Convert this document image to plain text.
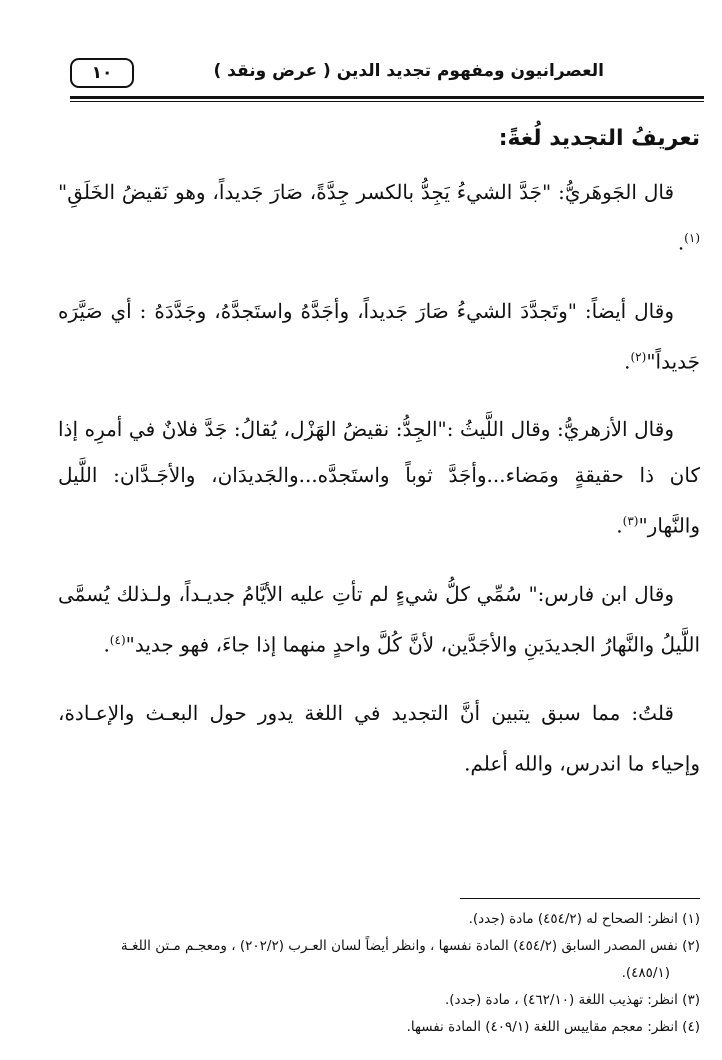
العصرانيون ومفهوم تجديد الدين ( عرض ونقد )
١٠
تعريفُ التجديد لُغةً:

قال الجَوهَريُّ: "جَدَّ الشيءُ يَجِدُّ بالكسر جِدَّةً، صَارَ جَديداً، وهو نَقيضُ الخَلَقِ"$^{(١)}$.

وقال أيضاً: "وتَجدَّدَ الشيءُ صَارَ جَديداً، وأجَدَّهُ واستَجدَّهُ، وجَدَّدَهُ : أي صَيَّرَه جَديداً"$^{(٢)}$.

وقال الأزهريُّ: وقال اللَّيثُ :"الجِدُّ: نقيضُ الهَزْل، يُقالُ: جَدَّ فلانٌ في أمرِه إذا كان ذا حقيقةٍ ومَضاء...وأجَدَّ ثوباً واستَجدَّه...والجَديدَان، والأجَـدَّان: اللَّيل والنَّهار"$^{(٣)}$.

وقال ابن فارس:" سُمِّي كلُّ شيءٍ لم تأتِ عليه الأيَّامُ جديـداً، ولـذلك يُسمَّى اللَّيلُ والنَّهارُ الجديدَينِ والأجَدَّين، لأنَّ كُلَّ واحدٍ منهما إذا جاءَ، فهو جديد"$^{(٤)}$.

قلتُ: مما سبق يتبين أنَّ التجديد في اللغة يدور حول البعـث والإعـادة، وإحياء ما اندرس، والله أعلم.

(١) انظر: الصحاح له (٤٥٤/٢) مادة (جدد).

(٢) نفس المصدر السابق (٤٥٤/٢) المادة نفسها ، وانظر أيضاً لسان العـرب (٢٠٢/٢) ، ومعجـم مـتن اللغـة
(٤٨٥/١).

(٣) انظر: تهذيب اللغة (٤٦٢/١٠) ، مادة (جدد).

(٤) انظر: معجم مقاييس اللغة (٤٠٩/١) المادة نفسها.
